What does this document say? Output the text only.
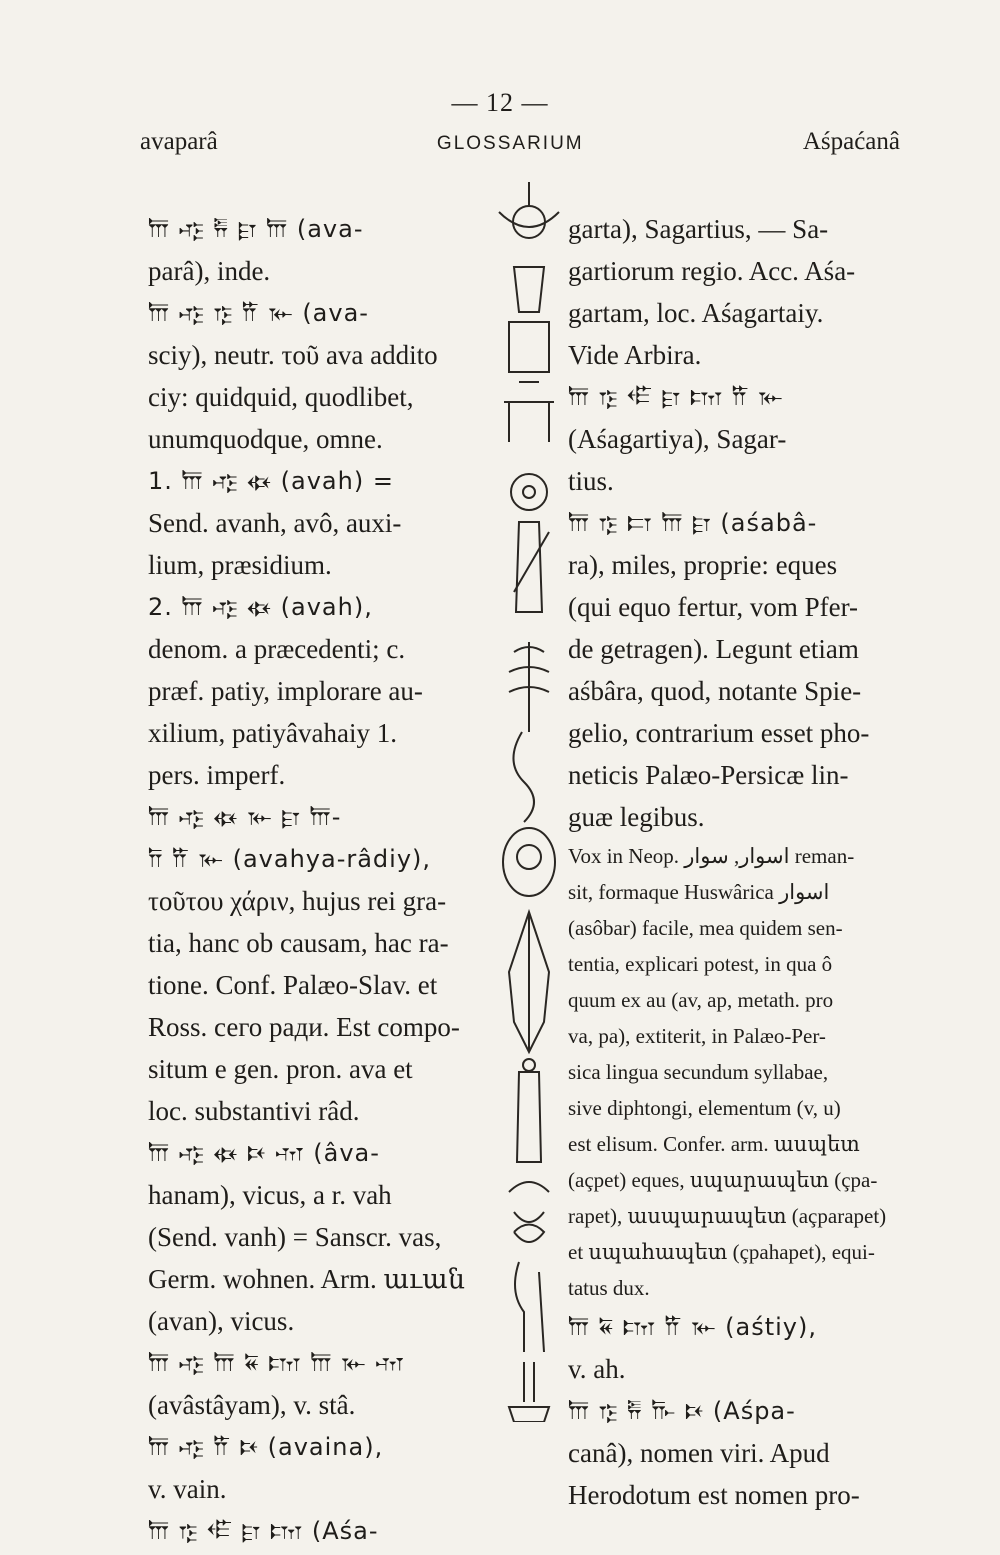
— 12 —
avaparâ	GLOSSARIUM	Aśpaćanâ
𐎠 𐎺 𐎱 𐎼 𐎠 (ava-
parâ), inde.
𐎠 𐎺 𐎿 𐎡 𐎹 (ava-
sciy), neutr. τοῦ ava addito
ciy: quidquid, quodlibet,
unumquodque, omne.
1. 𐎠 𐎺 𐏃 (avah) =
Send. avanh, avô, auxi-
lium, præsidium.
2. 𐎠 𐎺 𐏃 (avah),
denom. a præcedenti; c.
præf. patiy, implorare au-
xilium, patiyâvahaiy 1.
pers. imperf.
𐎠 𐎺 𐏃 𐎹 𐎼 𐎠-
𐎭 𐎡 𐎹 (avahya-râdiy),
τοῦτου χάριν, hujus rei gra-
tia, hanc ob causam, hac ra-
tione. Conf. Palæo-Slav. et
Ross. сего ради. Est compo-
situm e gen. pron. ava et
loc. substantivi râd.
𐎠 𐎺 𐏃 𐎴 𐎶 (âva-
hanam), vicus, a r. vah
(Send. vanh) = Sanscr. vas,
Germ. wohnen. Arm. աւան
(avan), vicus.
𐎠 𐎺 𐎠 𐏁 𐎫 𐎠 𐎹 𐎶
(avâstâyam), v. stâ.
𐎠 𐎺 𐎡 𐎴 (avaina),
v. vain.
𐎠 𐎿 𐎦 𐎼 𐎫 (Aśa-
garta), Sagartius, — Sa-
gartiorum regio. Acc. Aśa-
gartam, loc. Aśagartaiy.
Vide Arbira.
𐎠 𐎿 𐎦 𐎼 𐎫 𐎡 𐎹
(Aśagartiya), Sagar-
tius.
𐎠 𐎿 𐎲 𐎠 𐎼 (aśabâ-
ra), miles, proprie: eques
(qui equo fertur, vom Pfer-
de getragen). Legunt etiam
aśbâra, quod, notante Spie-
gelio, contrarium esset pho-
neticis Palæo-Persicæ lin-
guæ legibus.
Vox in Neop. اسوار, سوار reman-
sit, formaque Huswârica اسوار
(asôbar) facile, mea quidem sen-
tentia, explicari potest, in qua ô
quum ex au (av, ap, metath. pro
va, pa), extiterit, in Palæo-Per-
sica lingua secundum syllabae,
sive diphtongi, elementum (v, u)
est elisum. Confer. arm. ասպետ
(açpet) eques, սպարապետ (çpa-
rapet), ասպարապետ (açparapet)
et սպահապետ (çpahapet), equi-
tatus dux.
𐎠 𐏁 𐎫 𐎡 𐎹 (aśtiy),
v. ah.
𐎠 𐎿 𐎱 𐎨 𐎴 (Aśpa-
canâ), nomen viri. Apud
Herodotum est nomen pro-
